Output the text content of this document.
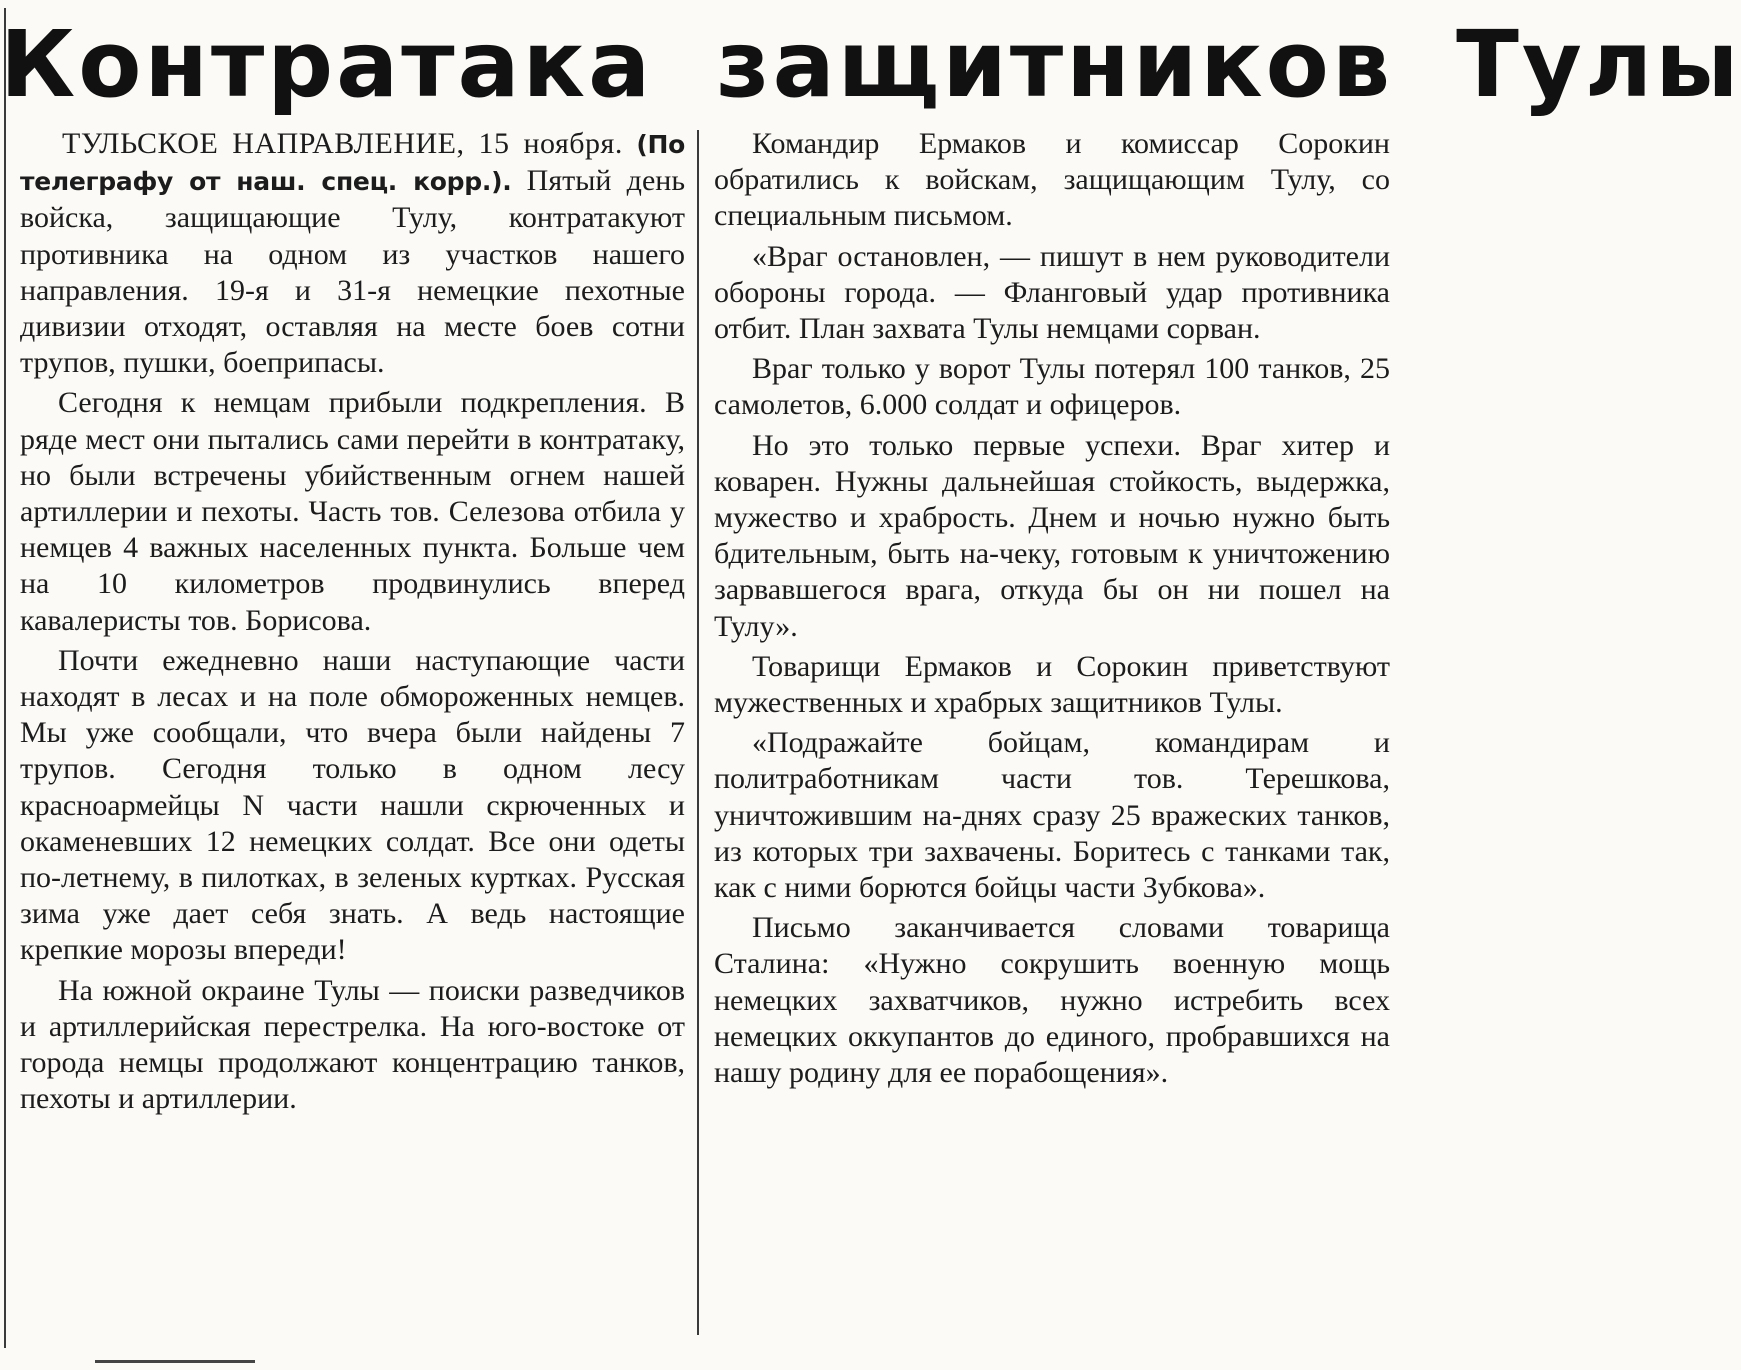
Контратака защитников Тулы

ТУЛЬСКОЕ НАПРАВЛЕНИЕ, 15 ноября. (По телеграфу от наш. спец. корр.). Пятый день войска, защищающие Тулу, контратакуют противника на одном из участков нашего направления. 19-я и 31-я немецкие пехотные дивизии отходят, оставляя на месте боев сотни трупов, пушки, боеприпасы.

Сегодня к немцам прибыли подкрепления. В ряде мест они пытались сами перейти в контратаку, но были встречены убийственным огнем нашей артиллерии и пехоты. Часть тов. Селезова отбила у немцев 4 важных населенных пункта. Больше чем на 10 километров продвинулись вперед кавалеристы тов. Борисова.

Почти ежедневно наши наступающие части находят в лесах и на поле обмороженных немцев. Мы уже сообщали, что вчера были найдены 7 трупов. Сегодня только в одном лесу красноармейцы N части нашли скрюченных и окаменевших 12 немецких солдат. Все они одеты по-летнему, в пилотках, в зеленых куртках. Русская зима уже дает себя знать. А ведь настоящие крепкие морозы впереди!

На южной окраине Тулы — поиски разведчиков и артиллерийская перестрелка. На юго-востоке от города немцы продолжают концентрацию танков, пехоты и артиллерии.

Командир Ермаков и комиссар Сорокин обратились к войскам, защищающим Тулу, со специальным письмом.

«Враг остановлен, — пишут в нем руководители обороны города. — Фланговый удар противника отбит. План захвата Тулы немцами сорван.

Враг только у ворот Тулы потерял 100 танков, 25 самолетов, 6.000 солдат и офицеров.

Но это только первые успехи. Враг хитер и коварен. Нужны дальнейшая стойкость, выдержка, мужество и храбрость. Днем и ночью нужно быть бдительным, быть на-чеку, готовым к уничтожению зарвавшегося врага, откуда бы он ни пошел на Тулу».

Товарищи Ермаков и Сорокин приветствуют мужественных и храбрых защитников Тулы.

«Подражайте бойцам, командирам и политработникам части тов. Терешкова, уничтожившим на-днях сразу 25 вражеских танков, из которых три захвачены. Боритесь с танками так, как с ними борются бойцы части Зубкова».

Письмо заканчивается словами товарища Сталина: «Нужно сокрушить военную мощь немецких захватчиков, нужно истребить всех немецких оккупантов до единого, пробравшихся на нашу родину для ее порабощения».
